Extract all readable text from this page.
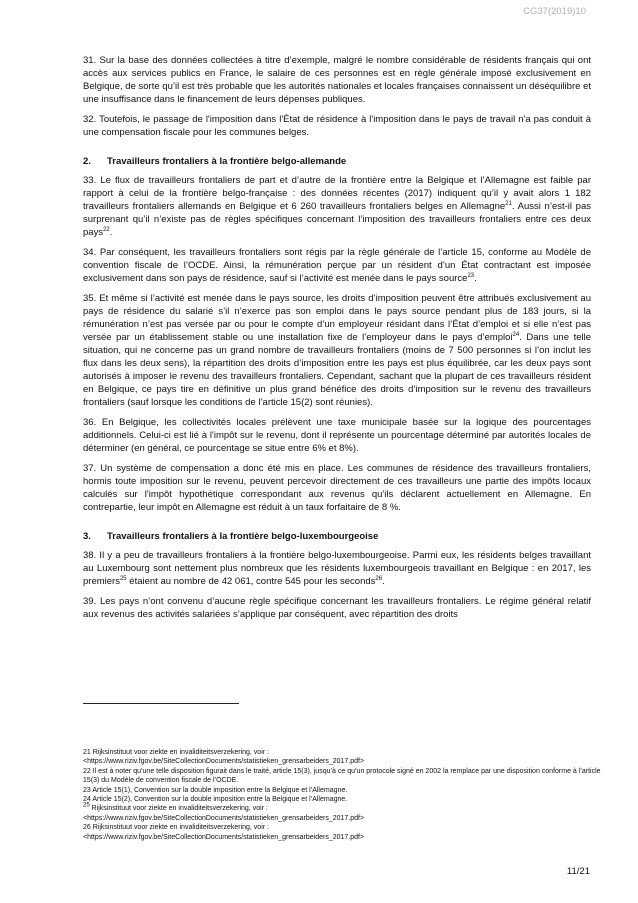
CG37(2019)10

31. Sur la base des données collectées à titre d’exemple, malgré le nombre considérable de résidents français qui ont accès aux services publics en France, le salaire de ces personnes est en règle générale imposé exclusivement en Belgique, de sorte qu’il est très probable que les autorités nationales et locales françaises connaissent un déséquilibre et une insuffisance dans le financement de leurs dépenses publiques.

32. Toutefois, le passage de l'imposition dans l'État de résidence à l'imposition dans le pays de travail n'a pas conduit à une compensation fiscale pour les communes belges.

2. Travailleurs frontaliers à la frontière belgo-allemande

33. Le flux de travailleurs frontaliers de part et d’autre de la frontière entre la Belgique et l’Allemagne est faible par rapport à celui de la frontière belgo-française : des données récentes (2017) indiquent qu’il y avait alors 1 182 travailleurs frontaliers allemands en Belgique et 6 260 travailleurs frontaliers belges en Allemagne$^{21}$. Aussi n’est-il pas surprenant qu’il n’existe pas de règles spécifiques concernant l’imposition des travailleurs frontaliers entre ces deux pays$^{22}$.

34. Par conséquent, les travailleurs frontaliers sont régis par la règle générale de l’article 15, conforme au Modèle de convention fiscale de l’OCDE. Ainsi, la rémunération perçue par un résident d’un État contractant est imposée exclusivement dans son pays de résidence, sauf si l’activité est menée dans le pays source$^{23}$.

35. Et même si l’activité est menée dans le pays source, les droits d’imposition peuvent être attribués exclusivement au pays de résidence du salarié s’il n’exerce pas son emploi dans le pays source pendant plus de 183 jours, si la rémunération n’est pas versée par ou pour le compte d’un employeur résidant dans l’État d’emploi et si elle n’est pas versée par un établissement stable ou une installation fixe de l’employeur dans le pays d’emploi$^{24}$. Dans une telle situation, qui ne concerne pas un grand nombre de travailleurs frontaliers (moins de 7 500 personnes si l’on inclut les flux dans les deux sens), la répartition des droits d’imposition entre les pays est plus équilibrée, car les deux pays sont autorisés à imposer le revenu des travailleurs frontaliers. Cependant, sachant que la plupart de ces travailleurs résident en Belgique, ce pays tire en définitive un plus grand bénéfice des droits d’imposition sur le revenu des travailleurs frontaliers (sauf lorsque les conditions de l’article 15(2) sont réunies).

36. En Belgique, les collectivités locales prélèvent une taxe municipale basée sur la logique des pourcentages additionnels. Celui-ci est lié à l'impôt sur le revenu, dont il représente un pourcentage déterminé par autorités locales de déterminer (en général, ce pourcentage se situe entre 6% et 8%).

37. Un système de compensation a donc été mis en place. Les communes de résidence des travailleurs frontaliers, hormis toute imposition sur le revenu, peuvent percevoir directement de ces travailleurs une partie des impôts locaux calculés sur l'impôt hypothétique correspondant aux revenus qu'ils déclarent actuellement en Allemagne. En contrepartie, leur impôt en Allemagne est réduit à un taux forfaitaire de 8 %.

3. Travailleurs frontaliers à la frontière belgo-luxembourgeoise

38. Il y a peu de travailleurs frontaliers à la frontière belgo-luxembourgeoise. Parmi eux, les résidents belges travaillant au Luxembourg sont nettement plus nombreux que les résidents luxembourgeois travaillant en Belgique : en 2017, les premiers$^{25}$ étaient au nombre de 42 061, contre 545 pour les seconds$^{26}$.

39. Les pays n’ont convenu d’aucune règle spécifique concernant les travailleurs frontaliers. Le régime général relatif aux revenus des activités salariées s’applique par conséquent, avec répartition des droits

21 Rijksinstituut voor ziekte en invaliditeitsverzekering, voir :

<https://www.riziv.fgov.be/SiteCollectionDocuments/statistieken_grensarbeiders_2017.pdf>

22 Il est à noter qu’une telle disposition figurait dans le traité, article 15(3), jusqu’à ce qu’un protocole signé en 2002 la remplace par une disposition conforme à l’article 15(3) du Modèle de convention fiscale de l’OCDE.

23 Article 15(1), Convention sur la double imposition entre la Belgique et l’Allemagne.

24 Article 15(2), Convention sur la double imposition entre la Belgique et l’Allemagne.

$^{25}$ Rijksinstituut voor ziekte en invaliditeitsverzekering, voir :

<https://www.riziv.fgov.be/SiteCollectionDocuments/statistieken_grensarbeiders_2017.pdf>

26 Rijksinstituut voor ziekte en invaliditeitsverzekering, voir :

<https://www.riziv.fgov.be/SiteCollectionDocuments/statistieken_grensarbeiders_2017.pdf>

11/21
